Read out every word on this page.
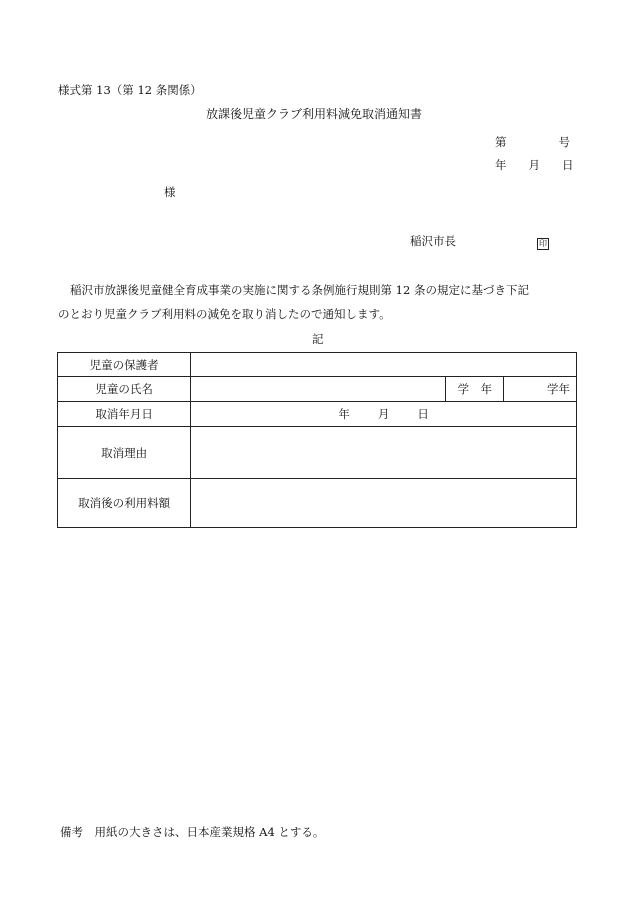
様式第 13（第 12 条関係）
放課後児童クラブ利用料減免取消通知書
第	号
年 月 日
様
稲沢市長	印

稲沢市放課後児童健全育成事業の実施に関する条例施行規則第 12 条の規定に基づき下記

のとおり児童クラブ利用料の減免を取り消したので通知します。

記
児童の保護者			
児童の氏名		学　年	学年
取消年月日	年 月 日		
取消理由			
取消後の利用料額			
備考　用紙の大きさは、日本産業規格 A4 とする。
